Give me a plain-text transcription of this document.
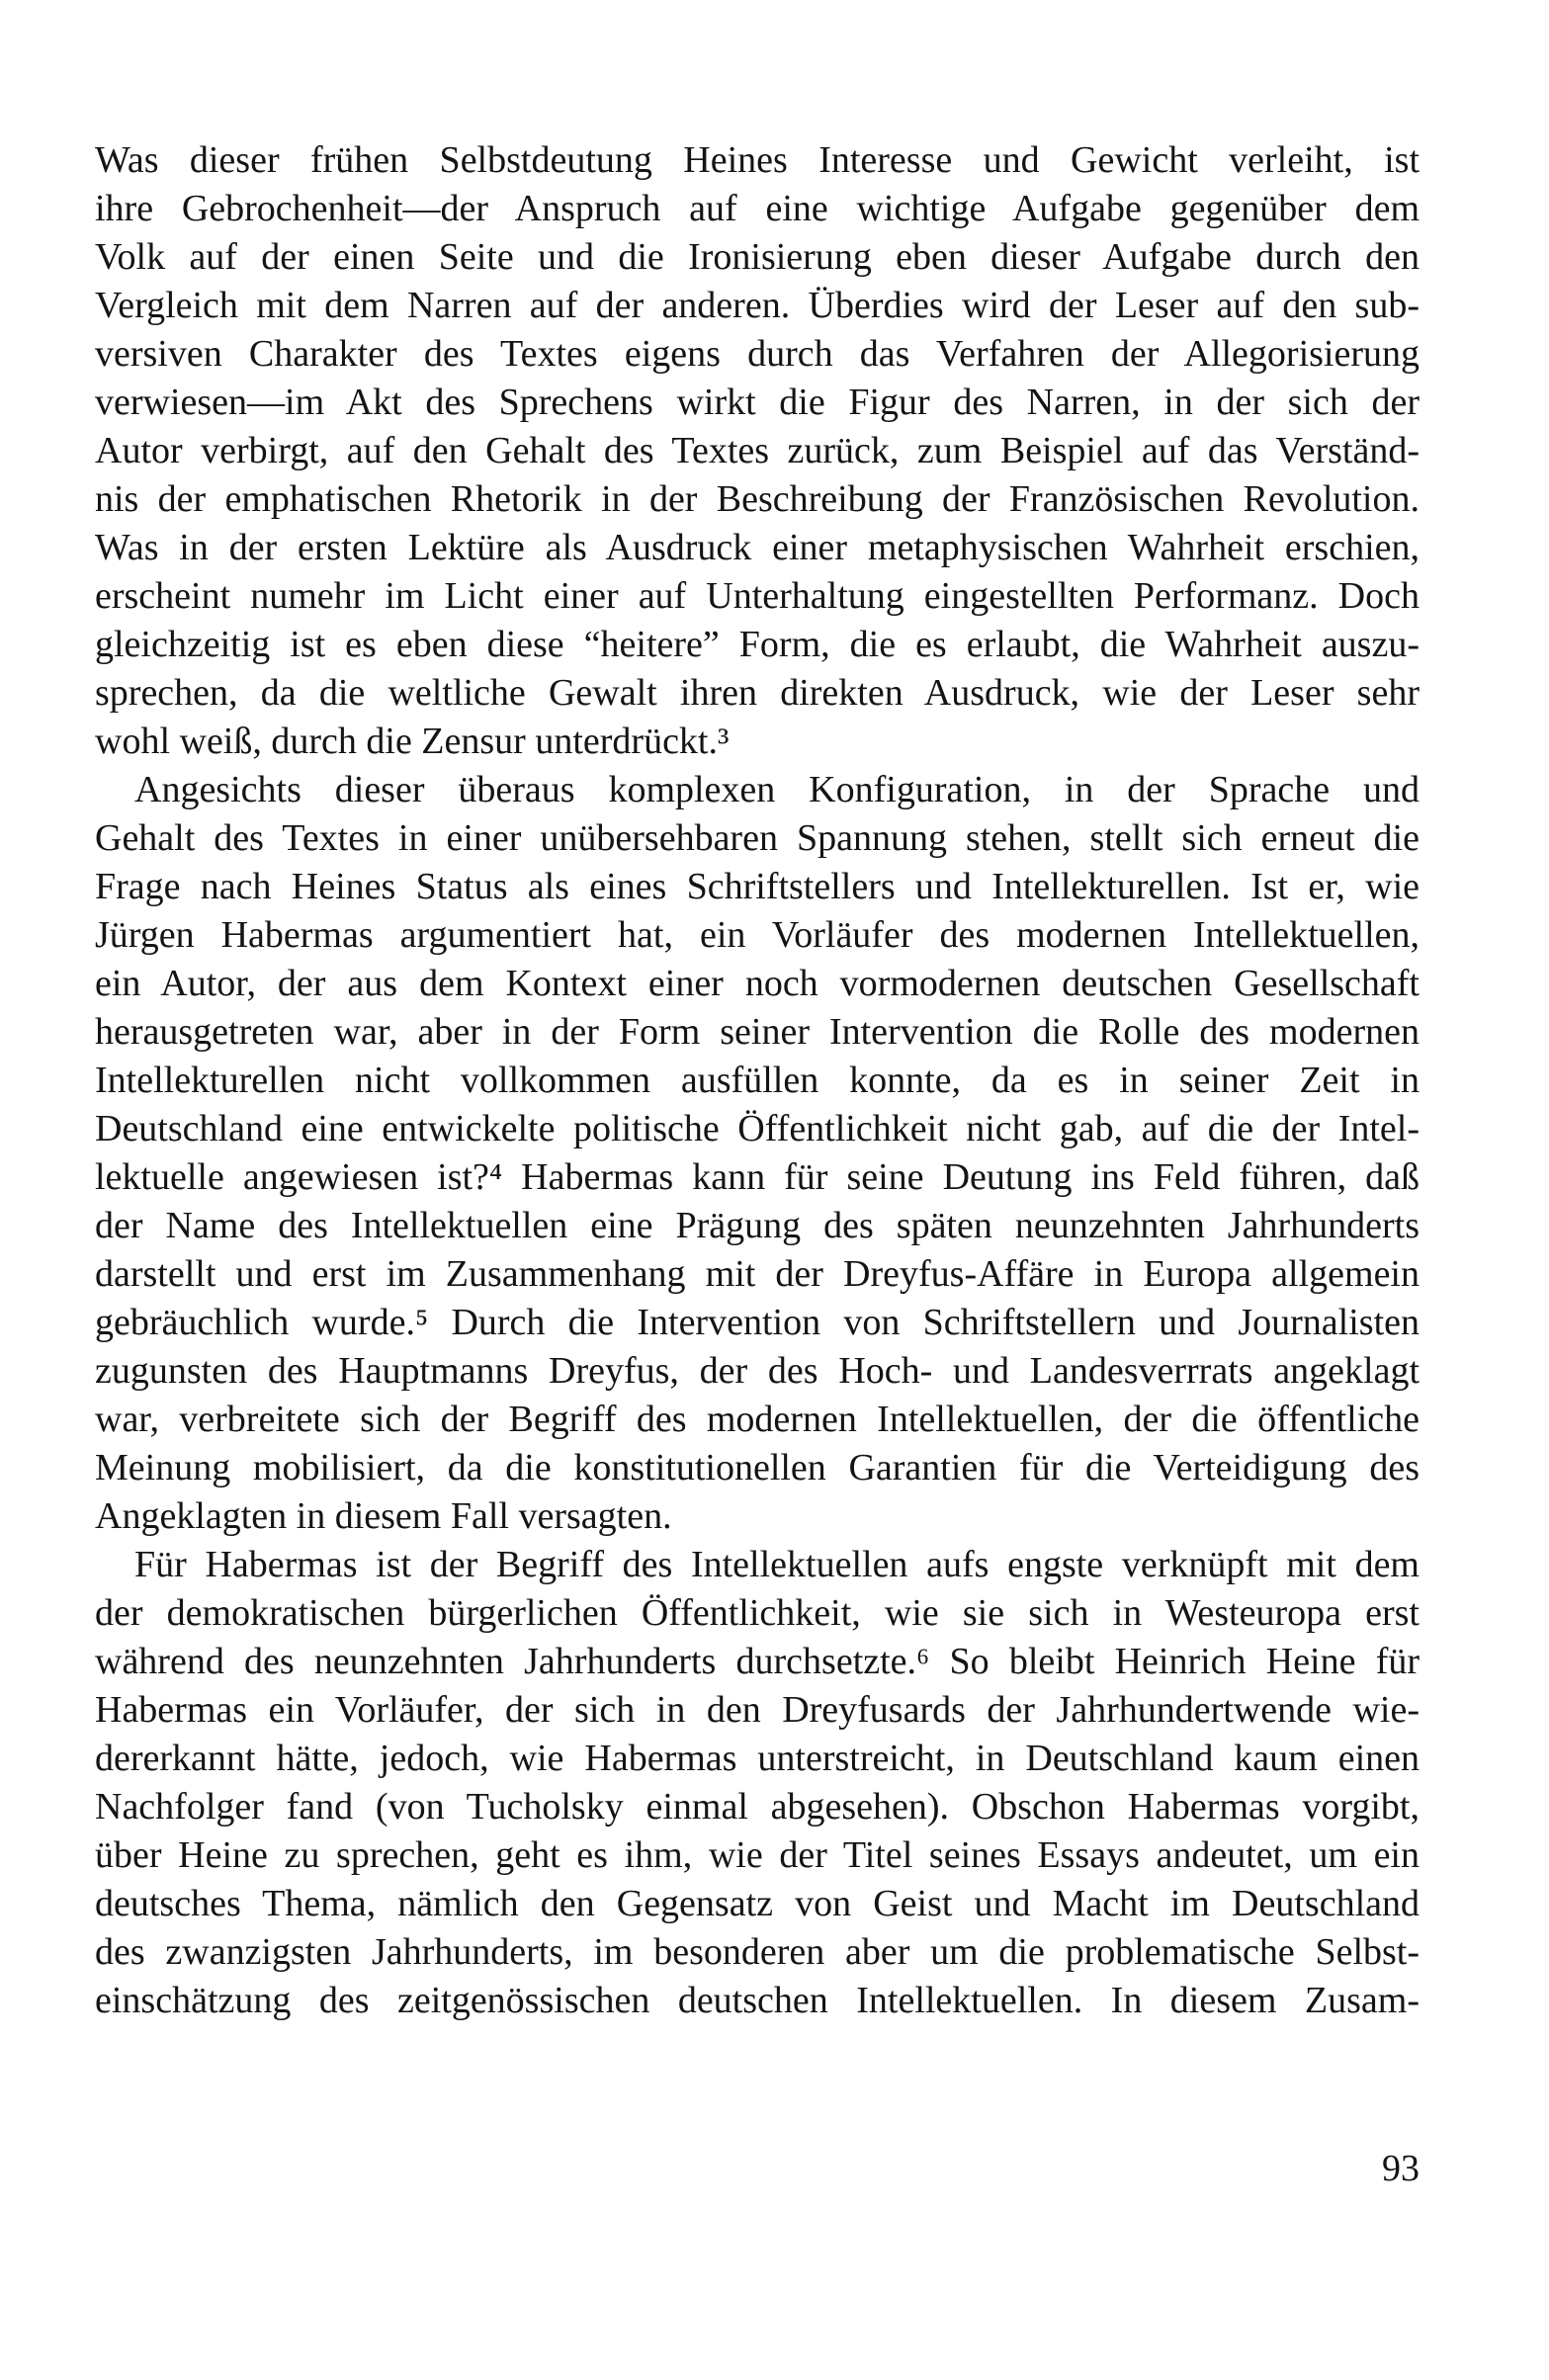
Was dieser frühen Selbstdeutung Heines Interesse und Gewicht verleiht, ist
ihre Gebrochenheit—der Anspruch auf eine wichtige Aufgabe gegenüber dem
Volk auf der einen Seite und die Ironisierung eben dieser Aufgabe durch den
Vergleich mit dem Narren auf der anderen. Überdies wird der Leser auf den sub-
versiven Charakter des Textes eigens durch das Verfahren der Allegorisierung
verwiesen—im Akt des Sprechens wirkt die Figur des Narren, in der sich der
Autor verbirgt, auf den Gehalt des Textes zurück, zum Beispiel auf das Verständ-
nis der emphatischen Rhetorik in der Beschreibung der Französischen Revolution.
Was in der ersten Lektüre als Ausdruck einer metaphysischen Wahrheit erschien,
erscheint numehr im Licht einer auf Unterhaltung eingestellten Performanz. Doch
gleichzeitig ist es eben diese “heitere” Form, die es erlaubt, die Wahrheit auszu-
sprechen, da die weltliche Gewalt ihren direkten Ausdruck, wie der Leser sehr
wohl weiß, durch die Zensur unterdrückt.³

Angesichts dieser überaus komplexen Konfiguration, in der Sprache und
Gehalt des Textes in einer unübersehbaren Spannung stehen, stellt sich erneut die
Frage nach Heines Status als eines Schriftstellers und Intellekturellen. Ist er, wie
Jürgen Habermas argumentiert hat, ein Vorläufer des modernen Intellektuellen,
ein Autor, der aus dem Kontext einer noch vormodernen deutschen Gesellschaft
herausgetreten war, aber in der Form seiner Intervention die Rolle des modernen
Intellekturellen nicht vollkommen ausfüllen konnte, da es in seiner Zeit in
Deutschland eine entwickelte politische Öffentlichkeit nicht gab, auf die der Intel-
lektuelle angewiesen ist?⁴ Habermas kann für seine Deutung ins Feld führen, daß
der Name des Intellektuellen eine Prägung des späten neunzehnten Jahrhunderts
darstellt und erst im Zusammenhang mit der Dreyfus-Affäre in Europa allgemein
gebräuchlich wurde.⁵ Durch die Intervention von Schriftstellern und Journalisten
zugunsten des Hauptmanns Dreyfus, der des Hoch- und Landesverrrats angeklagt
war, verbreitete sich der Begriff des modernen Intellektuellen, der die öffentliche
Meinung mobilisiert, da die konstitutionellen Garantien für die Verteidigung des
Angeklagten in diesem Fall versagten.

Für Habermas ist der Begriff des Intellektuellen aufs engste verknüpft mit dem
der demokratischen bürgerlichen Öffentlichkeit, wie sie sich in Westeuropa erst
während des neunzehnten Jahrhunderts durchsetzte.⁶ So bleibt Heinrich Heine für
Habermas ein Vorläufer, der sich in den Dreyfusards der Jahrhundertwende wie-
dererkannt hätte, jedoch, wie Habermas unterstreicht, in Deutschland kaum einen
Nachfolger fand (von Tucholsky einmal abgesehen). Obschon Habermas vorgibt,
über Heine zu sprechen, geht es ihm, wie der Titel seines Essays andeutet, um ein
deutsches Thema, nämlich den Gegensatz von Geist und Macht im Deutschland
des zwanzigsten Jahrhunderts, im besonderen aber um die problematische Selbst-
einschätzung des zeitgenössischen deutschen Intellektuellen. In diesem Zusam-

93
